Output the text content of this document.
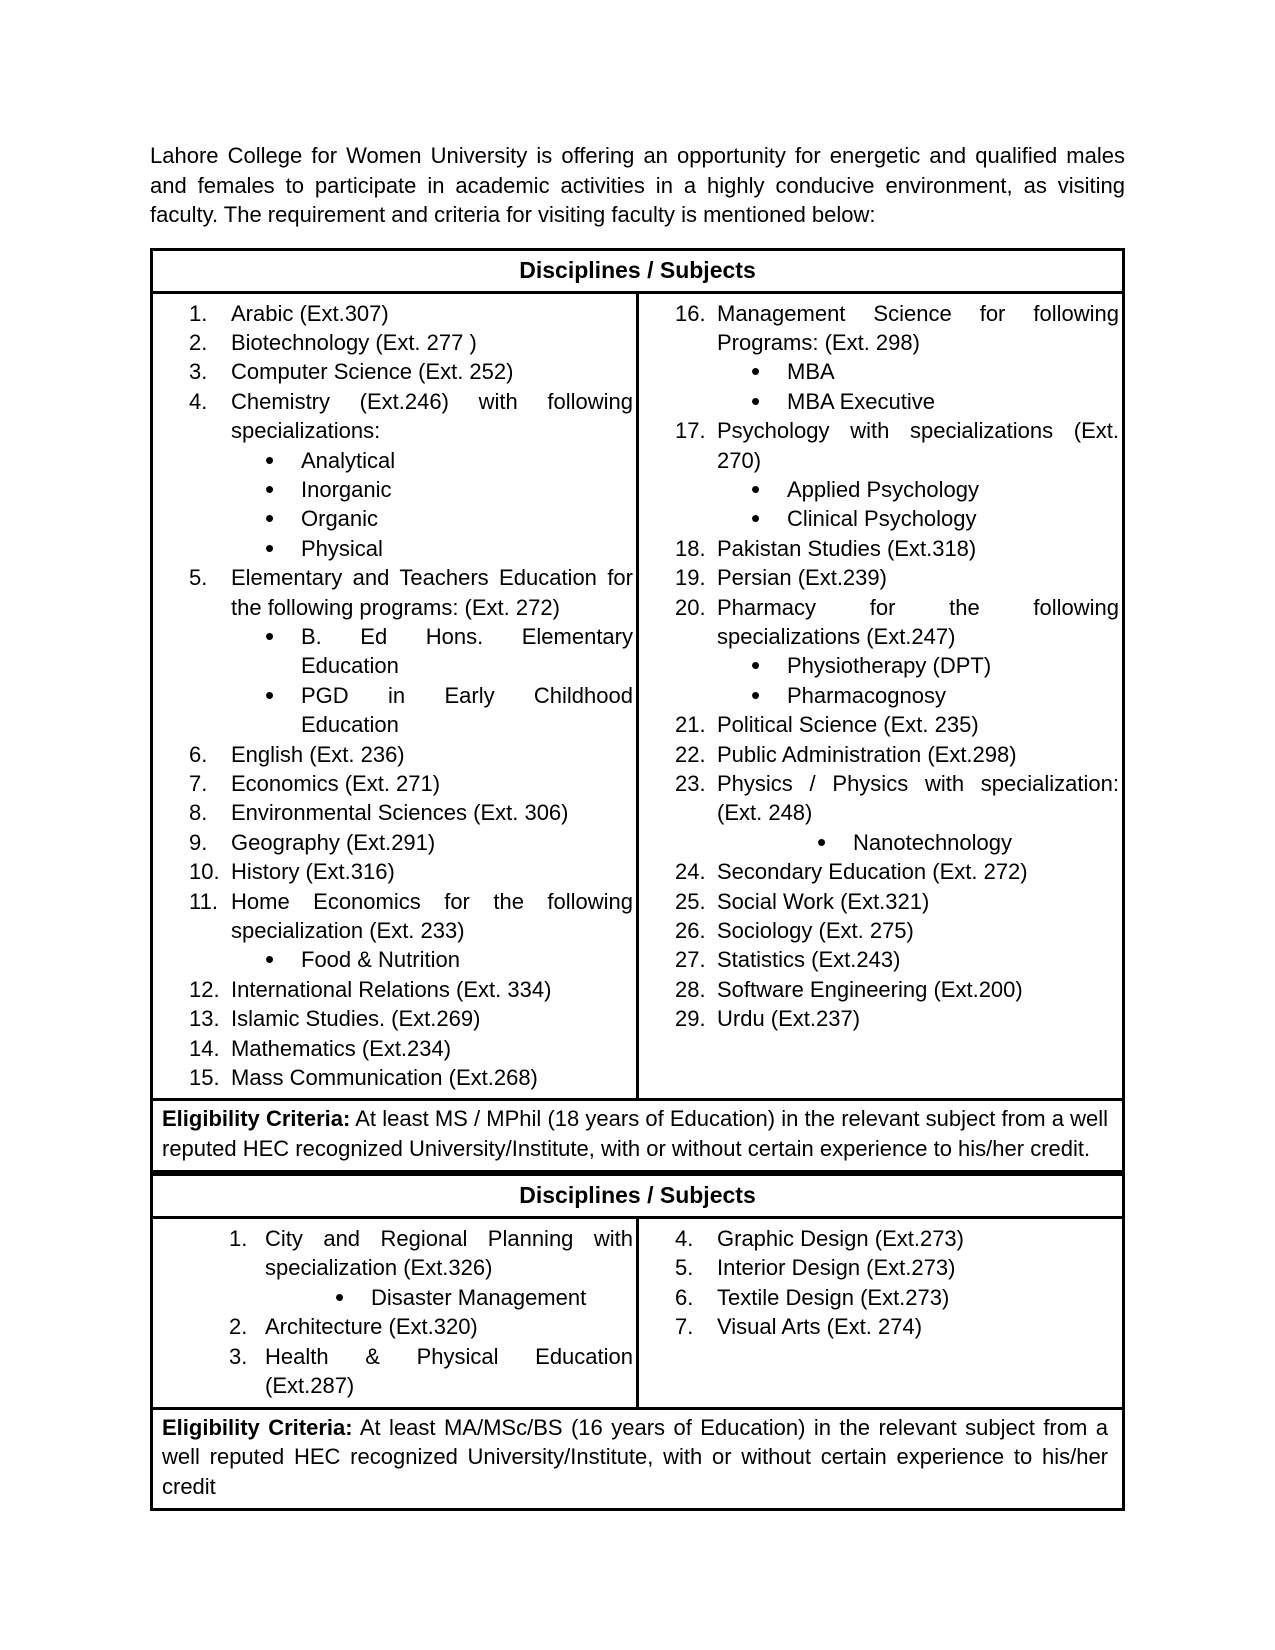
Lahore College for Women University is offering an opportunity for energetic and qualified males and females to participate in academic activities in a highly conducive environment, as visiting faculty. The requirement and criteria for visiting faculty is mentioned below:

Disciplines / Subjects
1.	Arabic (Ext.307)
2.	Biotechnology (Ext. 277 )
3.	Computer Science (Ext. 252)
4.	Chemistry (Ext.246) with following specializations:
•	Analytical
•	Inorganic
•	Organic
•	Physical
5.	Elementary and Teachers Education for the following programs: (Ext. 272)
•	B. Ed Hons. Elementary Education
•	PGD in Early Childhood Education
6.	English (Ext. 236)
7.	Economics (Ext. 271)
8.	Environmental Sciences (Ext. 306)
9.	Geography (Ext.291)
10. History (Ext.316)
11. Home Economics for the following specialization (Ext. 233)
•	Food & Nutrition
12. International Relations (Ext. 334)
13. Islamic Studies. (Ext.269)
14. Mathematics (Ext.234)
15. Mass Communication (Ext.268)
16. Management Science for following Programs: (Ext. 298)
•	MBA
•	MBA Executive
17. Psychology with specializations (Ext. 270)
•	Applied Psychology
•	Clinical Psychology
18. Pakistan Studies (Ext.318)
19. Persian (Ext.239)
20. Pharmacy for the following specializations (Ext.247)
•	Physiotherapy (DPT)
•	Pharmacognosy
21. Political Science (Ext. 235)
22. Public Administration (Ext.298)
23. Physics / Physics with specialization: (Ext. 248)
•	Nanotechnology
24. Secondary Education (Ext. 272)
25. Social Work (Ext.321)
26. Sociology (Ext. 275)
27. Statistics (Ext.243)
28. Software Engineering (Ext.200)
29. Urdu (Ext.237)
Eligibility Criteria: At least MS / MPhil (18 years of Education) in the relevant subject from a well reputed HEC recognized University/Institute, with or without certain experience to his/her credit.
Disciplines / Subjects
1. City and Regional Planning with specialization (Ext.326)
•	Disaster Management
2. Architecture (Ext.320)
3. Health & Physical Education (Ext.287)
4.	Graphic Design (Ext.273)
5.	Interior Design (Ext.273)
6.	Textile Design (Ext.273)
7.	Visual Arts (Ext. 274)
Eligibility Criteria: At least MA/MSc/BS (16 years of Education) in the relevant subject from a well reputed HEC recognized University/Institute, with or without certain experience to his/her credit
